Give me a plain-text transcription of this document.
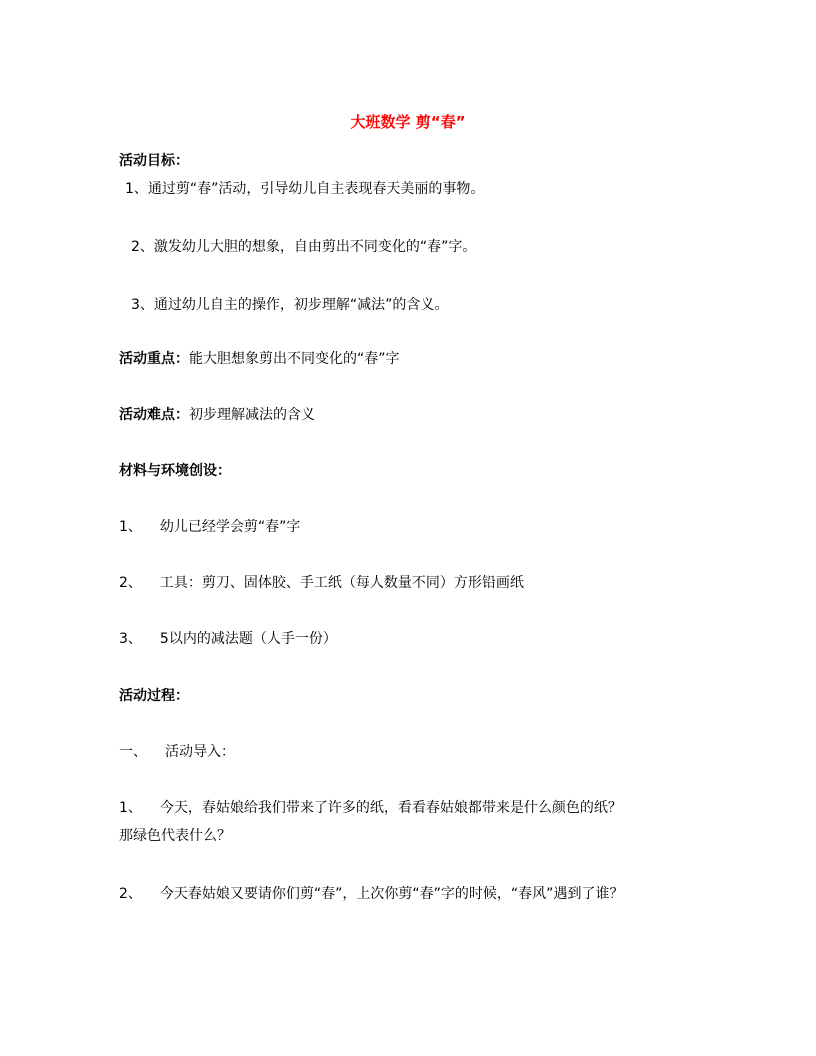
大班数学 剪“春”
活动目标：
1、通过剪“春”活动，引导幼儿自主表现春天美丽的事物。
2、激发幼儿大胆的想象，自由剪出不同变化的“春”字。
3、通过幼儿自主的操作，初步理解“减法”的含义。
活动重点：能大胆想象剪出不同变化的“春”字
活动难点：初步理解减法的含义
材料与环境创设：
1、 幼儿已经学会剪“春”字
2、 工具：剪刀、固体胶、手工纸（每人数量不同）方形铅画纸
3、 5以内的减法题（人手一份）
活动过程：
一、 活动导入：
1、 今天，春姑娘给我们带来了许多的纸，看看春姑娘都带来是什么颜色的纸？
那绿色代表什么？
2、 今天春姑娘又要请你们剪“春”，上次你剪“春”字的时候，“春风”遇到了谁？
